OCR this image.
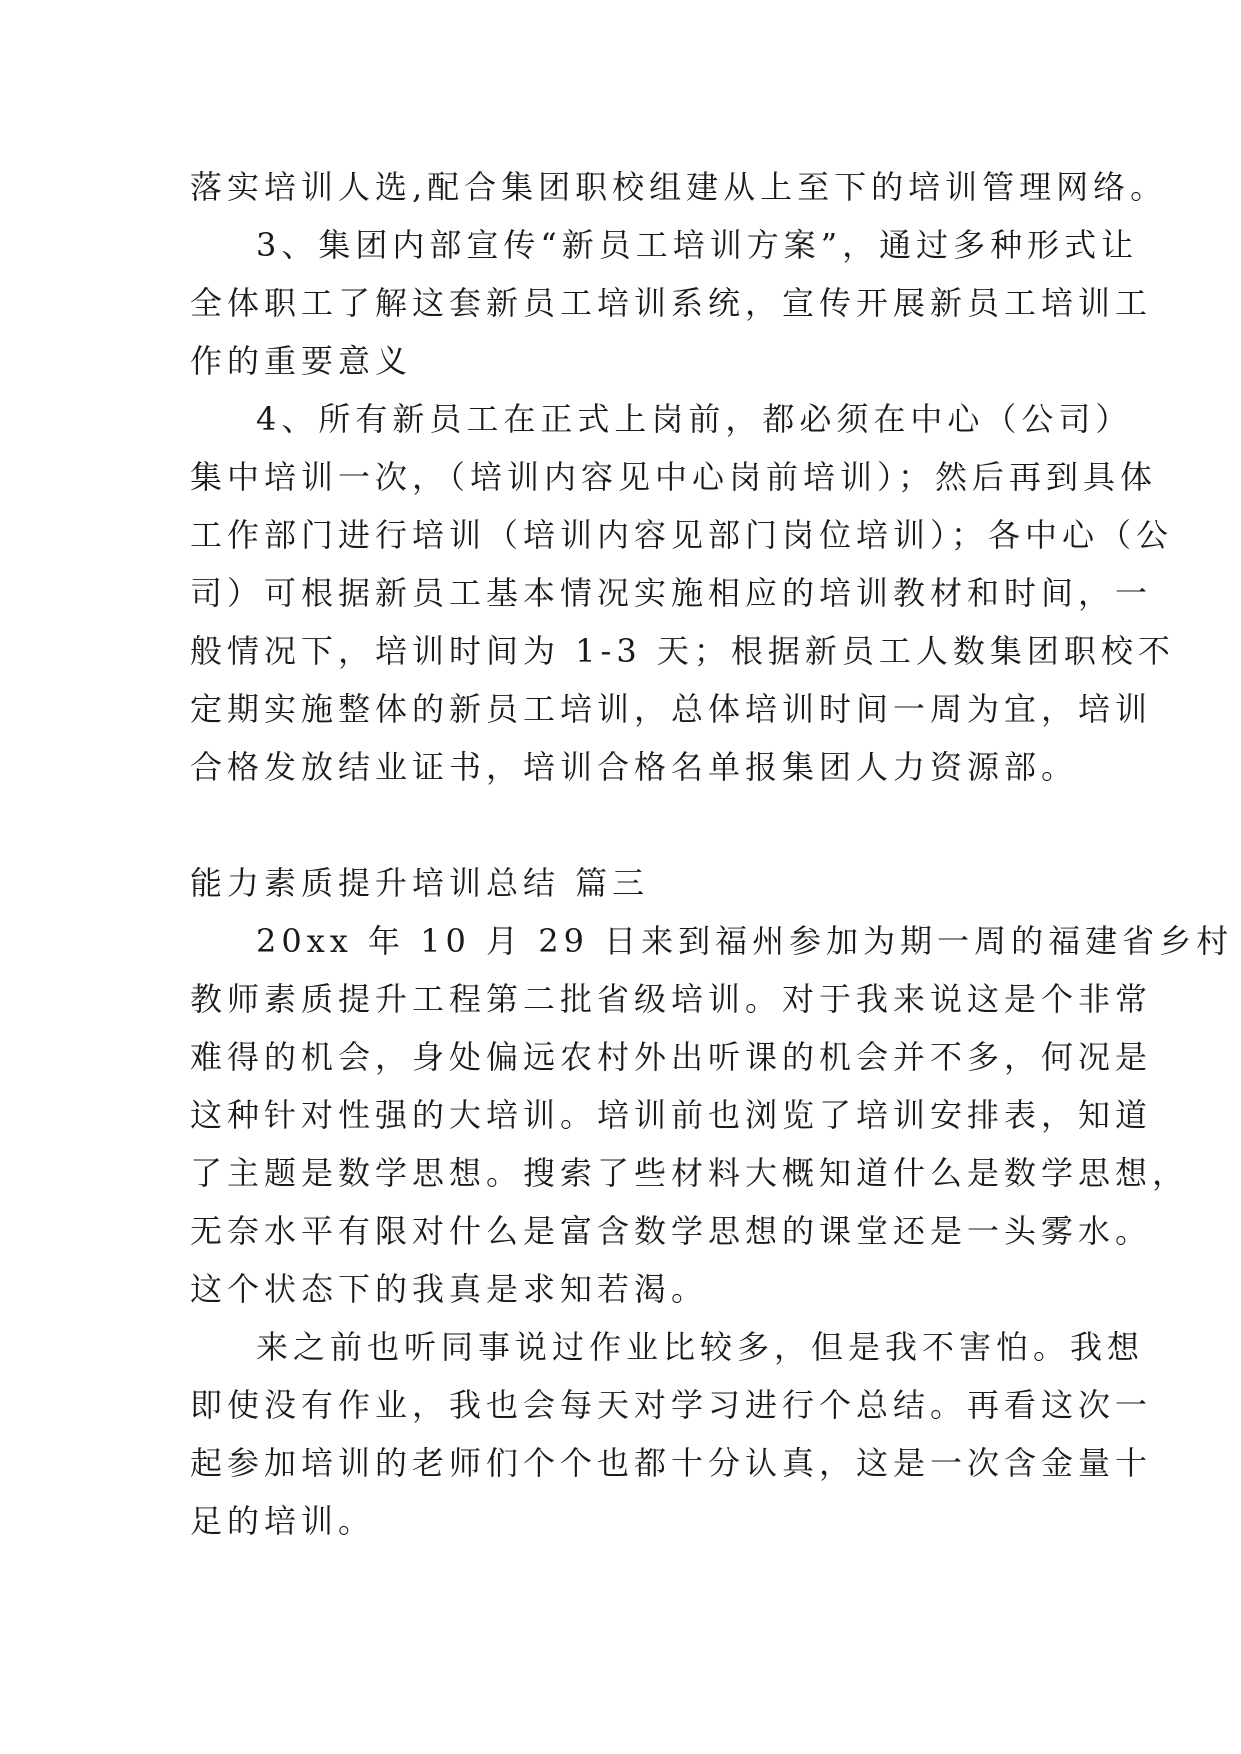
落实培训人选,配合集团职校组建从上至下的培训管理网络。
3、集团内部宣传“新员工培训方案”，通过多种形式让
全体职工了解这套新员工培训系统，宣传开展新员工培训工
作的重要意义
4、所有新员工在正式上岗前，都必须在中心（公司）
集中培训一次，（培训内容见中心岗前培训）；然后再到具体
工作部门进行培训（培训内容见部门岗位培训）；各中心（公
司）可根据新员工基本情况实施相应的培训教材和时间，一
般情况下，培训时间为 1-3 天；根据新员工人数集团职校不
定期实施整体的新员工培训，总体培训时间一周为宜，培训
合格发放结业证书，培训合格名单报集团人力资源部。
能力素质提升培训总结 篇三
20xx 年 10 月 29 日来到福州参加为期一周的福建省乡村
教师素质提升工程第二批省级培训。对于我来说这是个非常
难得的机会，身处偏远农村外出听课的机会并不多，何况是
这种针对性强的大培训。培训前也浏览了培训安排表，知道
了主题是数学思想。搜索了些材料大概知道什么是数学思想，
无奈水平有限对什么是富含数学思想的课堂还是一头雾水。
这个状态下的我真是求知若渴。
来之前也听同事说过作业比较多，但是我不害怕。我想
即使没有作业，我也会每天对学习进行个总结。再看这次一
起参加培训的老师们个个也都十分认真，这是一次含金量十
足的培训。
